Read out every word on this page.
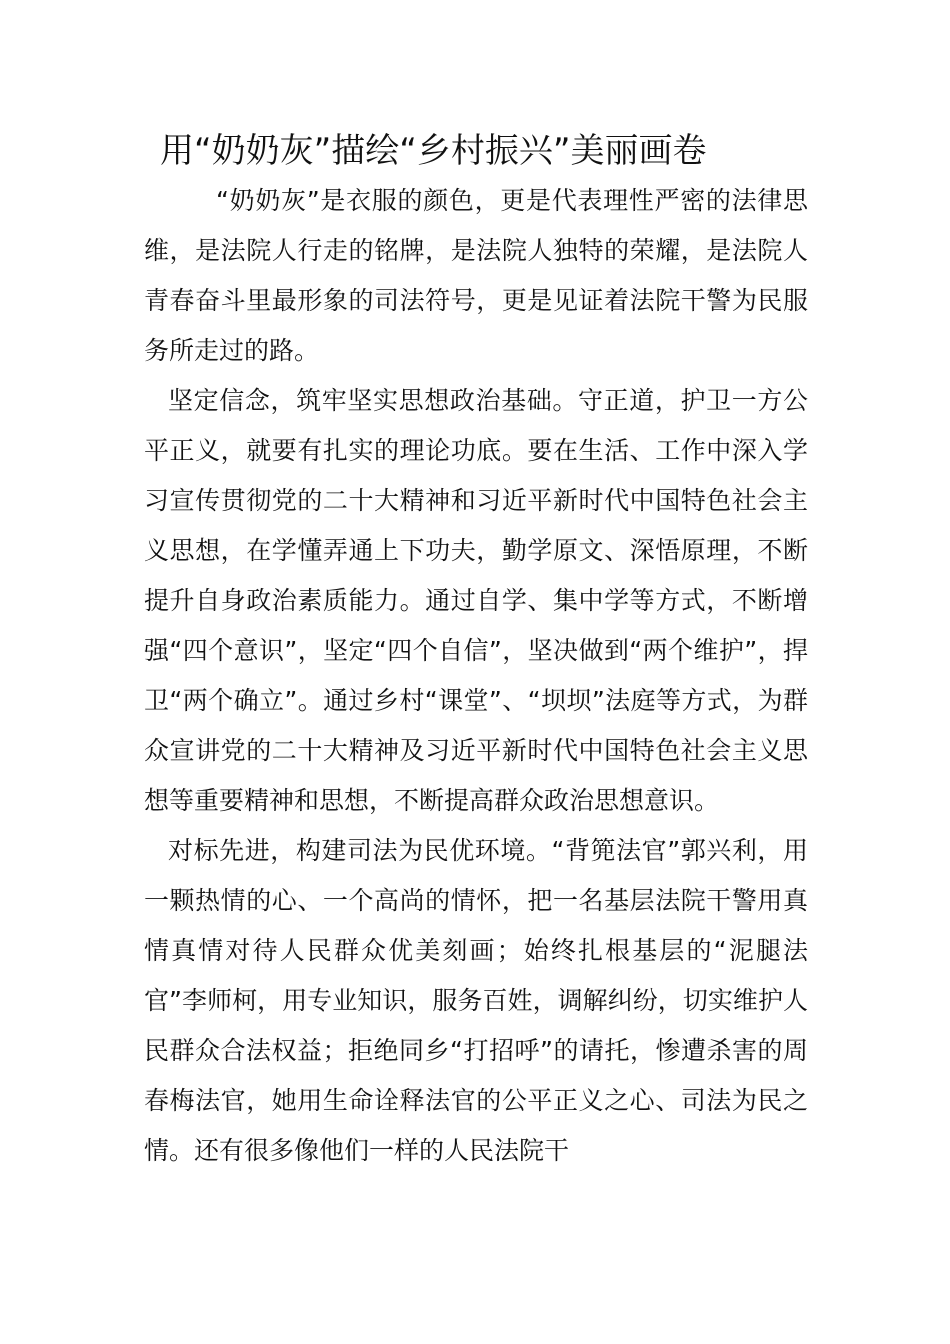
用“奶奶灰”描绘“乡村振兴”美丽画卷

“奶奶灰”是衣服的颜色，更是代表理性严密的法律思维，是法院人行走的铭牌，是法院人独特的荣耀，是法院人青春奋斗里最形象的司法符号，更是见证着法院干警为民服务所走过的路。

坚定信念，筑牢坚实思想政治基础。守正道，护卫一方公平正义，就要有扎实的理论功底。要在生活、工作中深入学习宣传贯彻党的二十大精神和习近平新时代中国特色社会主义思想，在学懂弄通上下功夫，勤学原文、深悟原理，不断提升自身政治素质能力。通过自学、集中学等方式，不断增强“四个意识”，坚定“四个自信”，坚决做到“两个维护”，捍卫“两个确立”。通过乡村“课堂”、“坝坝”法庭等方式，为群众宣讲党的二十大精神及习近平新时代中国特色社会主义思想等重要精神和思想，不断提高群众政治思想意识。

对标先进，构建司法为民优环境。“背篼法官”郭兴利，用一颗热情的心、一个高尚的情怀，把一名基层法院干警用真情真情对待人民群众优美刻画；始终扎根基层的“泥腿法官”李师柯，用专业知识，服务百姓，调解纠纷，切实维护人民群众合法权益；拒绝同乡“打招呼”的请托，惨遭杀害的周春梅法官，她用生命诠释法官的公平正义之心、司法为民之情。还有很多像他们一样的人民法院干
